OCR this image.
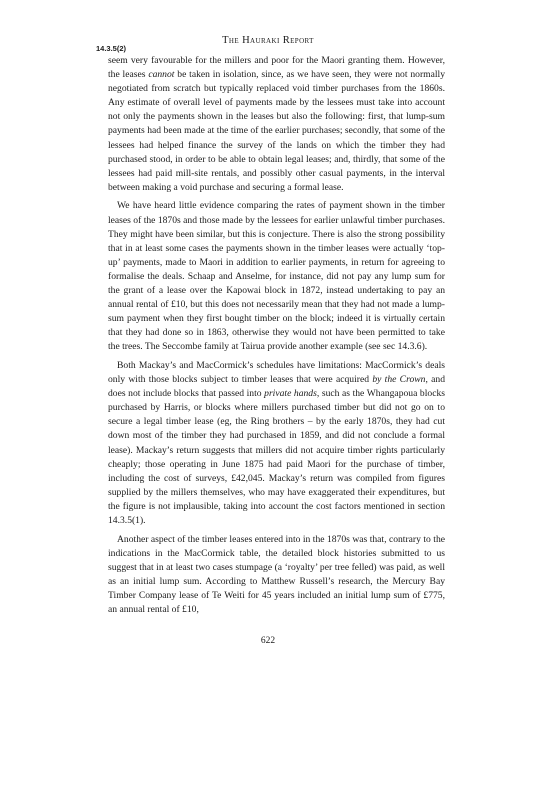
The Hauraki Report
14.3.5(2)

seem very favourable for the millers and poor for the Maori granting them. However, the leases cannot be taken in isolation, since, as we have seen, they were not normally negotiated from scratch but typically replaced void timber purchases from the 1860s. Any estimate of overall level of payments made by the lessees must take into account not only the payments shown in the leases but also the following: first, that lump-sum payments had been made at the time of the earlier purchases; secondly, that some of the lessees had helped finance the survey of the lands on which the timber they had purchased stood, in order to be able to obtain legal leases; and, thirdly, that some of the lessees had paid mill-site rentals, and possibly other casual payments, in the interval between making a void purchase and securing a formal lease.

We have heard little evidence comparing the rates of payment shown in the timber leases of the 1870s and those made by the lessees for earlier unlawful timber purchases. They might have been similar, but this is conjecture. There is also the strong possibility that in at least some cases the payments shown in the timber leases were actually ‘top-up’ payments, made to Maori in addition to earlier payments, in return for agreeing to formalise the deals. Schaap and Anselme, for instance, did not pay any lump sum for the grant of a lease over the Kapowai block in 1872, instead undertaking to pay an annual rental of £10, but this does not necessarily mean that they had not made a lump-sum payment when they first bought timber on the block; indeed it is virtually certain that they had done so in 1863, otherwise they would not have been permitted to take the trees. The Seccombe family at Tairua provide another example (see sec 14.3.6).

Both Mackay’s and MacCormick’s schedules have limitations: MacCormick’s deals only with those blocks subject to timber leases that were acquired by the Crown, and does not include blocks that passed into private hands, such as the Whangapoua blocks purchased by Harris, or blocks where millers purchased timber but did not go on to secure a legal timber lease (eg, the Ring brothers – by the early 1870s, they had cut down most of the timber they had purchased in 1859, and did not conclude a formal lease). Mackay’s return suggests that millers did not acquire timber rights particularly cheaply; those operating in June 1875 had paid Maori for the purchase of timber, including the cost of surveys, £42,045. Mackay’s return was compiled from figures supplied by the millers themselves, who may have exaggerated their expenditures, but the figure is not implausible, taking into account the cost factors mentioned in section 14.3.5(1).

Another aspect of the timber leases entered into in the 1870s was that, contrary to the indications in the MacCormick table, the detailed block histories submitted to us suggest that in at least two cases stumpage (a ‘royalty’ per tree felled) was paid, as well as an initial lump sum. According to Matthew Russell’s research, the Mercury Bay Timber Company lease of Te Weiti for 45 years included an initial lump sum of £775, an annual rental of £10,

622
